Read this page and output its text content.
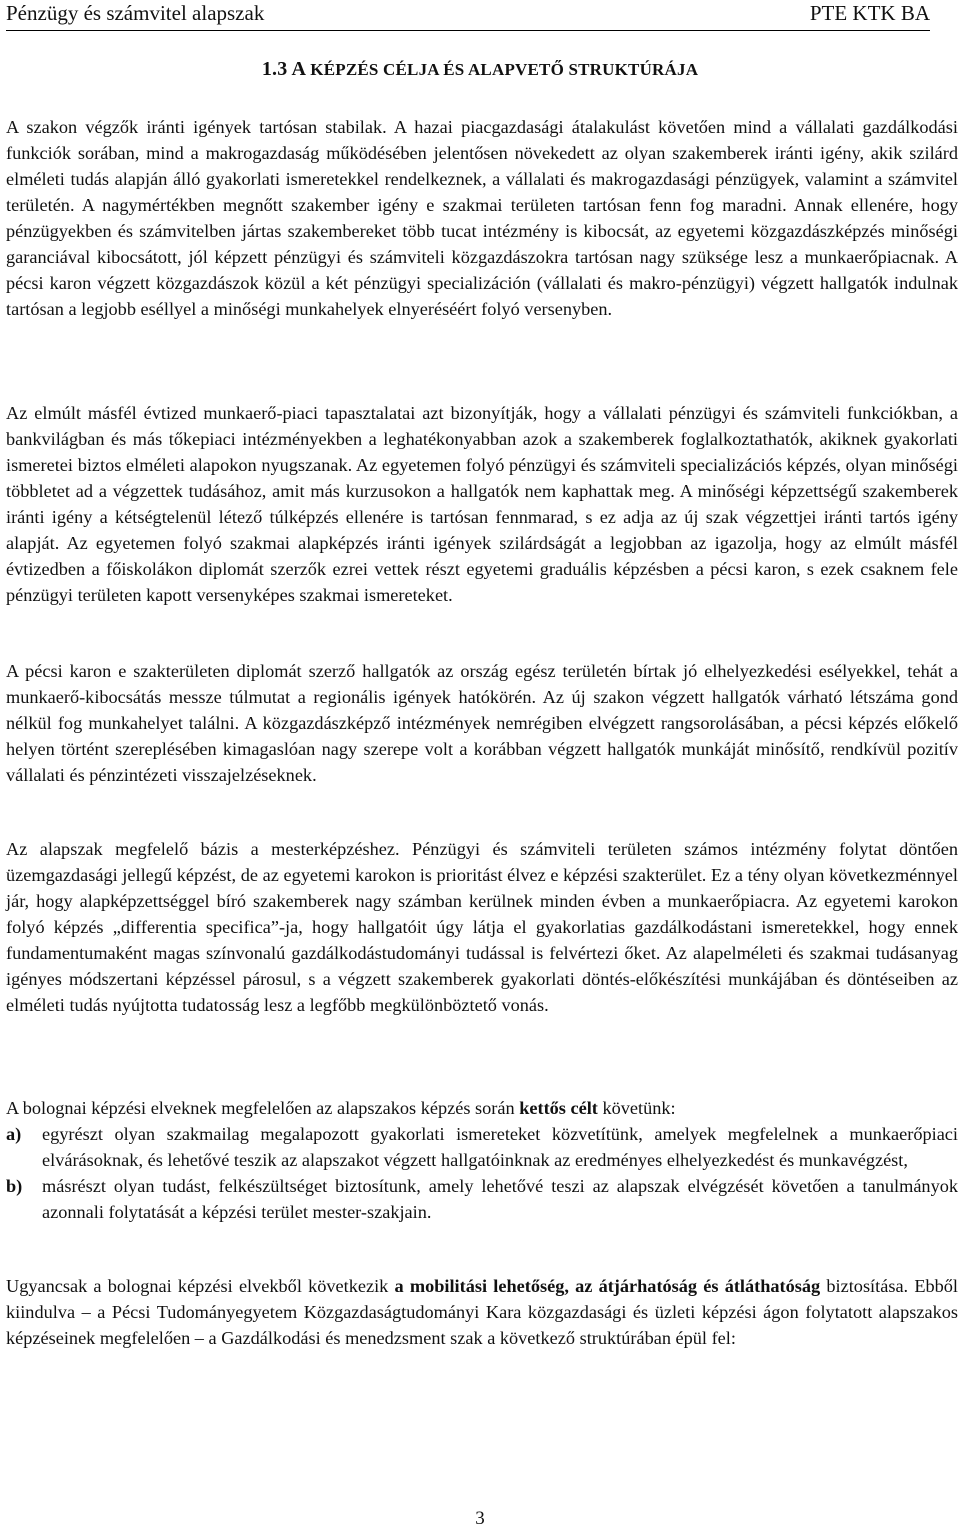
Pénzügy és számvitel alapszak	PTE KTK BA
1.3 A KÉPZÉS CÉLJA ÉS ALAPVETŐ STRUKTÚRÁJA

A szakon végzők iránti igények tartósan stabilak. A hazai piacgazdasági átalakulást követően mind a vállalati gazdálkodási funkciók sorában, mind a makrogazdaság működésében jelentősen növekedett az olyan szakemberek iránti igény, akik szilárd elméleti tudás alapján álló gyakorlati ismeretekkel rendelkeznek, a vállalati és makrogazdasági pénzügyek, valamint a számvitel területén. A nagymértékben megnőtt szakember igény e szakmai területen tartósan fenn fog maradni. Annak ellenére, hogy pénzügyekben és számvitelben jártas szakembereket több tucat intézmény is kibocsát, az egyetemi közgazdászképzés minőségi garanciával kibocsátott, jól képzett pénzügyi és számviteli közgazdászokra tartósan nagy szüksége lesz a munkaerőpiacnak. A pécsi karon végzett közgazdászok közül a két pénzügyi specializáción (vállalati és makro-pénzügyi) végzett hallgatók indulnak tartósan a legjobb eséllyel a minőségi munkahelyek elnyeréséért folyó versenyben.

Az elmúlt másfél évtized munkaerő-piaci tapasztalatai azt bizonyítják, hogy a vállalati pénzügyi és számviteli funkciókban, a bankvilágban és más tőkepiaci intézményekben a leghatékonyabban azok a szakemberek foglalkoztathatók, akiknek gyakorlati ismeretei biztos elméleti alapokon nyugszanak. Az egyetemen folyó pénzügyi és számviteli specializációs képzés, olyan minőségi többletet ad a végzettek tudásához, amit más kurzusokon a hallgatók nem kaphattak meg. A minőségi képzettségű szakemberek iránti igény a kétségtelenül létező túlképzés ellenére is tartósan fennmarad, s ez adja az új szak végzettjei iránti tartós igény alapját. Az egyetemen folyó szakmai alapképzés iránti igények szilárdságát a legjobban az igazolja, hogy az elmúlt másfél évtizedben a főiskolákon diplomát szerzők ezrei vettek részt egyetemi graduális képzésben a pécsi karon, s ezek csaknem fele pénzügyi területen kapott versenyképes szakmai ismereteket.

A pécsi karon e szakterületen diplomát szerző hallgatók az ország egész területén bírtak jó elhelyezkedési esélyekkel, tehát a munkaerő-kibocsátás messze túlmutat a regionális igények hatókörén. Az új szakon végzett hallgatók várható létszáma gond nélkül fog munkahelyet találni. A közgazdászképző intézmények nemrégiben elvégzett rangsorolásában, a pécsi képzés előkelő helyen történt szereplésében kimagaslóan nagy szerepe volt a korábban végzett hallgatók munkáját minősítő, rendkívül pozitív vállalati és pénzintézeti visszajelzéseknek.

Az alapszak megfelelő bázis a mesterképzéshez. Pénzügyi és számviteli területen számos intézmény folytat döntően üzemgazdasági jellegű képzést, de az egyetemi karokon is prioritást élvez e képzési szakterület. Ez a tény olyan következménnyel jár, hogy alapképzettséggel bíró szakemberek nagy számban kerülnek minden évben a munkaerőpiacra. Az egyetemi karokon folyó képzés „differentia specifica”-ja, hogy hallgatóit úgy látja el gyakorlatias gazdálkodástani ismeretekkel, hogy ennek fundamentumaként magas színvonalú gazdálkodástudományi tudással is felvértezi őket. Az alapelméleti és szakmai tudásanyag igényes módszertani képzéssel párosul, s a végzett szakemberek gyakorlati döntés-előkészítési munkájában és döntéseiben az elméleti tudás nyújtotta tudatosság lesz a legfőbb megkülönböztető vonás.

A bolognai képzési elveknek megfelelően az alapszakos képzés során kettős célt követünk:

a) egyrészt olyan szakmailag megalapozott gyakorlati ismereteket közvetítünk, amelyek megfelelnek a munkaerőpiaci elvárásoknak, és lehetővé teszik az alapszakot végzett hallgatóinknak az eredményes elhelyezkedést és munkavégzést,
b) másrészt olyan tudást, felkészültséget biztosítunk, amely lehetővé teszi az alapszak elvégzését követően a tanulmányok azonnali folytatását a képzési terület mester-szakjain.

Ugyancsak a bolognai képzési elvekből következik a mobilitási lehetőség, az átjárhatóság és átláthatóság biztosítása. Ebből kiindulva – a Pécsi Tudományegyetem Közgazdaságtudományi Kara közgazdasági és üzleti képzési ágon folytatott alapszakos képzéseinek megfelelően – a Gazdálkodási és menedzsment szak a következő struktúrában épül fel:

3
